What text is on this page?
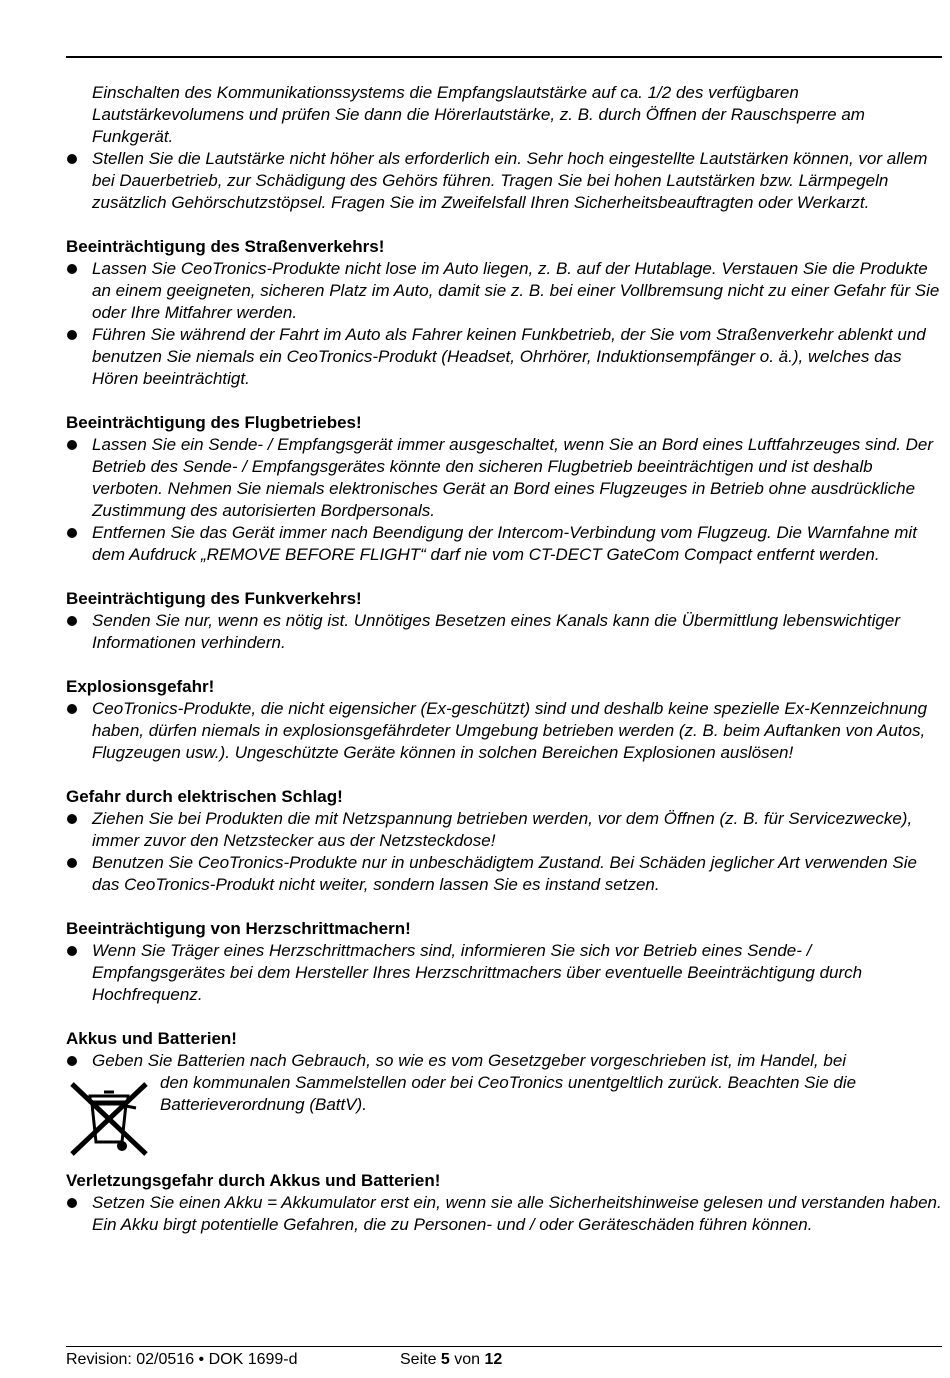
Einschalten des Kommunikationssystems die Empfangslautstärke auf ca. 1/2 des verfügbaren Lautstärkevolumens und prüfen Sie dann die Hörerlautstärke, z. B. durch Öffnen der Rauschsperre am Funkgerät.
Stellen Sie die Lautstärke nicht höher als erforderlich ein. Sehr hoch eingestellte Lautstärken können, vor allem bei Dauerbetrieb, zur Schädigung des Gehörs führen. Tragen Sie bei hohen Lautstärken bzw. Lärmpegeln zusätzlich Gehörschutzstöpsel. Fragen Sie im Zweifelsfall Ihren Sicherheitsbeauftragten oder Werkarzt.
Beeinträchtigung des Straßenverkehrs!
Lassen Sie CeoTronics-Produkte nicht lose im Auto liegen, z. B. auf der Hutablage. Verstauen Sie die Produkte an einem geeigneten, sicheren Platz im Auto, damit sie z. B. bei einer Vollbremsung nicht zu einer Gefahr für Sie oder Ihre Mitfahrer werden.
Führen Sie während der Fahrt im Auto als Fahrer keinen Funkbetrieb, der Sie vom Straßenverkehr ablenkt und benutzen Sie niemals ein CeoTronics-Produkt (Headset, Ohrhörer, Induktionsempfänger o. ä.), welches das Hören beeinträchtigt.
Beeinträchtigung des Flugbetriebes!
Lassen Sie ein Sende- / Empfangsgerät immer ausgeschaltet, wenn Sie an Bord eines Luftfahrzeuges sind. Der Betrieb des Sende- / Empfangsgerätes könnte den sicheren Flugbetrieb beeinträchtigen und ist deshalb verboten. Nehmen Sie niemals elektronisches Gerät an Bord eines Flugzeuges in Betrieb ohne ausdrückliche Zustimmung des autorisierten Bordpersonals.
Entfernen Sie das Gerät immer nach Beendigung der Intercom-Verbindung vom Flugzeug. Die Warnfahne mit dem Aufdruck „REMOVE BEFORE FLIGHT“ darf nie vom CT-DECT GateCom Compact entfernt werden.
Beeinträchtigung des Funkverkehrs!
Senden Sie nur, wenn es nötig ist. Unnötiges Besetzen eines Kanals kann die Übermittlung lebenswichtiger Informationen verhindern.
Explosionsgefahr!
CeoTronics-Produkte, die nicht eigensicher (Ex-geschützt) sind und deshalb keine spezielle Ex-Kennzeichnung haben, dürfen niemals in explosionsgefährdeter Umgebung betrieben werden (z. B. beim Auftanken von Autos, Flugzeugen usw.). Ungeschützte Geräte können in solchen Bereichen Explosionen auslösen!
Gefahr durch elektrischen Schlag!
Ziehen Sie bei Produkten die mit Netzspannung betrieben werden, vor dem Öffnen (z. B. für Servicezwecke), immer zuvor den Netzstecker aus der Netzsteckdose!
Benutzen Sie CeoTronics-Produkte nur in unbeschädigtem Zustand. Bei Schäden jeglicher Art verwenden Sie das CeoTronics-Produkt nicht weiter, sondern lassen Sie es instand setzen.
Beeinträchtigung von Herzschrittmachern!
Wenn Sie Träger eines Herzschrittmachers sind, informieren Sie sich vor Betrieb eines Sende- / Empfangsgerätes bei dem Hersteller Ihres Herzschrittmachers über eventuelle Beeinträchtigung durch Hochfrequenz.
Akkus und Batterien!
Geben Sie Batterien nach Gebrauch, so wie es vom Gesetzgeber vorgeschrieben ist, im Handel, bei
den kommunalen Sammelstellen oder bei CeoTronics unentgeltlich zurück. Beachten Sie die Batterieverordnung (BattV).
Verletzungsgefahr durch Akkus und Batterien!
Setzen Sie einen Akku = Akkumulator erst ein, wenn sie alle Sicherheitshinweise gelesen und verstanden haben. Ein Akku birgt potentielle Gefahren, die zu Personen- und / oder Geräteschäden führen können.
Revision: 02/0516 • DOK 1699-d	Seite 5 von 12
